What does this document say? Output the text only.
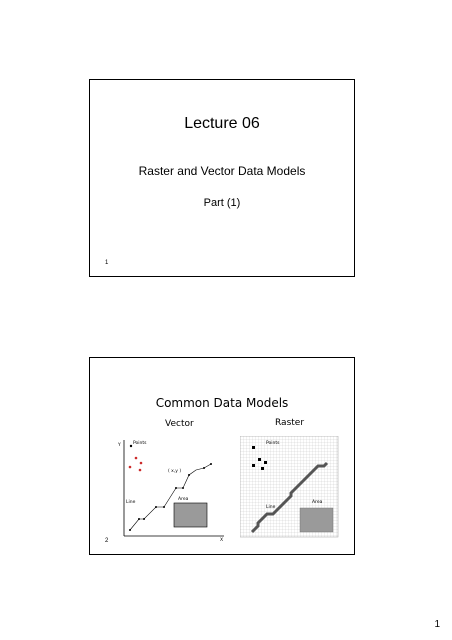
Lecture 06
Raster and Vector Data Models
Part (1)
1
Common Data Models
Vector	Raster
Y
X
Points
( x,y )
Line
Area
Points
Line
Area
2
1
